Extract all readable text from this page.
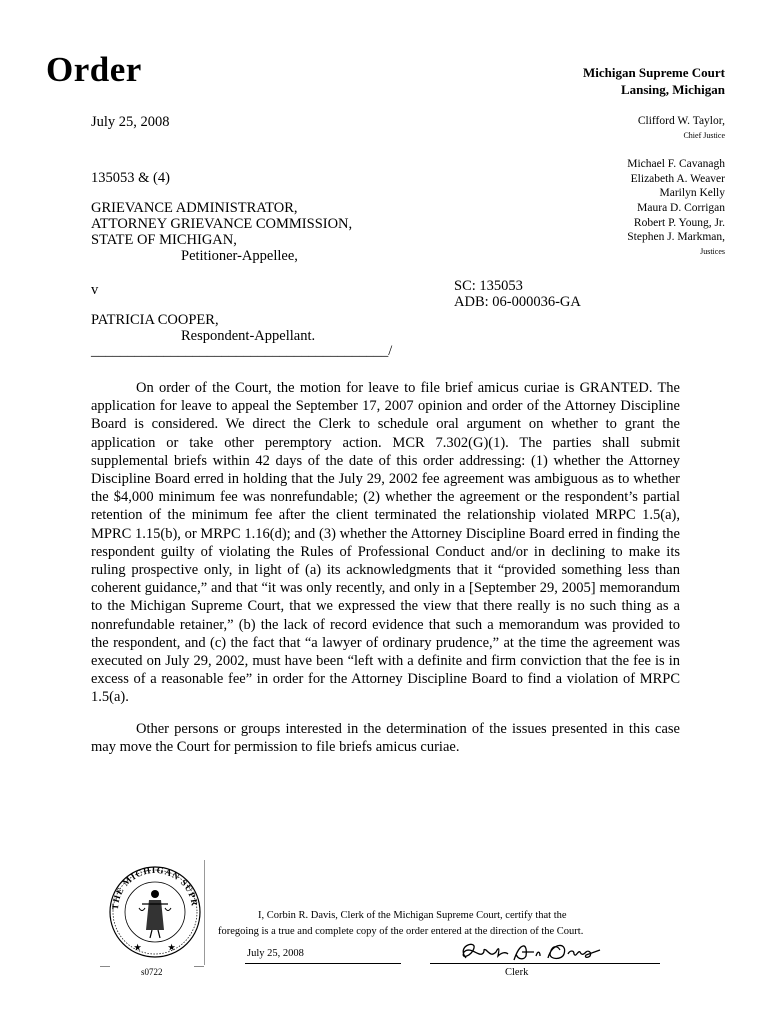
Order	Michigan Supreme Court
Lansing, Michigan
July 25, 2008	Clifford W. Taylor,
Chief Justice
Michael F. Cavanagh
Elizabeth A. Weaver
Marilyn Kelly
Maura D. Corrigan
Robert P. Young, Jr.
Stephen J. Markman,
Justices
135053 & (4)
GRIEVANCE ADMINISTRATOR,
ATTORNEY GRIEVANCE COMMISSION,
STATE OF MICHIGAN,
Petitioner-Appellee,
v	SC: 135053
ADB: 06-000036-GA
PATRICIA COOPER,
Respondent-Appellant.
_________________________________________/

On order of the Court, the motion for leave to file brief amicus curiae is GRANTED. The application for leave to appeal the September 17, 2007 opinion and order of the Attorney Discipline Board is considered. We direct the Clerk to schedule oral argument on whether to grant the application or take other peremptory action. MCR 7.302(G)(1). The parties shall submit supplemental briefs within 42 days of the date of this order addressing: (1) whether the Attorney Discipline Board erred in holding that the July 29, 2002 fee agreement was ambiguous as to whether the $4,000 minimum fee was nonrefundable; (2) whether the agreement or the respondent’s partial retention of the minimum fee after the client terminated the relationship violated MRPC 1.5(a), MPRC 1.15(b), or MRPC 1.16(d); and (3) whether the Attorney Discipline Board erred in finding the respondent guilty of violating the Rules of Professional Conduct and/or in declining to make its ruling prospective only, in light of (a) its acknowledgments that it “provided something less than coherent guidance,” and that “it was only recently, and only in a [September 29, 2005] memorandum to the Michigan Supreme Court, that we expressed the view that there really is no such thing as a nonrefundable retainer,” (b) the lack of record evidence that such a memorandum was provided to the respondent, and (c) the fact that “a lawyer of ordinary prudence,” at the time the agreement was executed on July 29, 2002, must have been “left with a definite and firm conviction that the fee is in excess of a reasonable fee” in order for the Attorney Discipline Board to find a violation of MRPC 1.5(a).

Other persons or groups interested in the determination of the issues presented in this case may move the Court for permission to file briefs amicus curiae.

THE MICHIGAN SUPR
★	★
s0722
I, Corbin R. Davis, Clerk of the Michigan Supreme Court, certify that the
foregoing is a true and complete copy of the order entered at the direction of the Court.
July 25, 2008
Clerk
